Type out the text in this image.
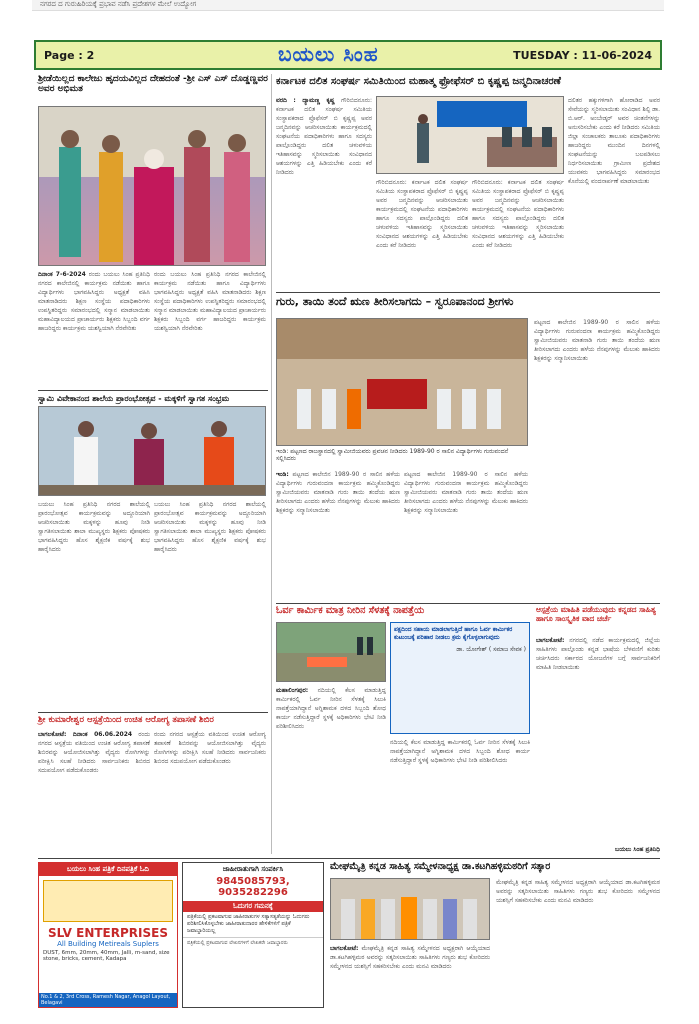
ನಗರದ ದ ಗುರುಹಿರಿಯಕ್ಕೆ ಪ್ರಭಾವ ನಡೆಸಿ ಪ್ರದೇಶಗಳ ಮೇಲೆ ಉದ್ಯೋಗ
Page : 2	ಬಯಲು ಸಿಂಹ	TUESDAY : 11-06-2024
ಶ್ರೀಡೆಯಿಲ್ಲದ ಕಾಲೇಜು ಹೃದಯವಿಲ್ಲದ ದೇಹದಂತೆ -ಶ್ರೀ ಎಸ್ ಎಸ್ ದೊಡ್ಡಣ್ಣವರ ಅವರ ಅಭಿಮತ
ದಿನಾಂಕ 7-6-2024 ರಂದು ಬಯಲು ಸಿಂಹ ಪ್ರತಿನಿಧಿ ನಗರದ ಕಾಲೇಜಿನಲ್ಲಿ ಕಾರ್ಯಕ್ರಮ ನಡೆಯಿತು ಹಾಗೂ ವಿದ್ಯಾರ್ಥಿಗಳು ಭಾಗವಹಿಸಿದ್ದರು ಅಧ್ಯಕ್ಷತೆ ವಹಿಸಿ ಮಾತನಾಡಿದರು ಶಿಕ್ಷಣ ಸಂಸ್ಥೆಯ ಪದಾಧಿಕಾರಿಗಳು ಉಪಸ್ಥಿತರಿದ್ದರು ಸಮಾರಂಭದಲ್ಲಿ ಸನ್ಮಾನ ಮಾಡಲಾಯಿತು ಮಹಾವಿದ್ಯಾಲಯದ ಪ್ರಾಚಾರ್ಯರು ಶಿಕ್ಷಕರು ಸಿಬ್ಬಂದಿ ವರ್ಗ ಹಾಜರಿದ್ದರು ಕಾರ್ಯಕ್ರಮ ಯಶಸ್ವಿಯಾಗಿ ನೆರವೇರಿತು
ರಂದು ಬಯಲು ಸಿಂಹ ಪ್ರತಿನಿಧಿ ನಗರದ ಕಾಲೇಜಿನಲ್ಲಿ ಕಾರ್ಯಕ್ರಮ ನಡೆಯಿತು ಹಾಗೂ ವಿದ್ಯಾರ್ಥಿಗಳು ಭಾಗವಹಿಸಿದ್ದರು ಅಧ್ಯಕ್ಷತೆ ವಹಿಸಿ ಮಾತನಾಡಿದರು ಶಿಕ್ಷಣ ಸಂಸ್ಥೆಯ ಪದಾಧಿಕಾರಿಗಳು ಉಪಸ್ಥಿತರಿದ್ದರು ಸಮಾರಂಭದಲ್ಲಿ ಸನ್ಮಾನ ಮಾಡಲಾಯಿತು ಮಹಾವಿದ್ಯಾಲಯದ ಪ್ರಾಚಾರ್ಯರು ಶಿಕ್ಷಕರು ಸಿಬ್ಬಂದಿ ವರ್ಗ ಹಾಜರಿದ್ದರು ಕಾರ್ಯಕ್ರಮ ಯಶಸ್ವಿಯಾಗಿ ನೆರವೇರಿತು
ಸ್ವಾಮಿ ವಿವೇಕಾನಂದ ಶಾಲೆಯ ಪ್ರಾರಂಭೋತ್ಸವ - ಮಕ್ಕಳಿಗೆ ಸ್ವಾಗತ ಸಂಭ್ರಮ
ಬಯಲು ಸಿಂಹ ಪ್ರತಿನಿಧಿ ನಗರದ ಶಾಲೆಯಲ್ಲಿ ಪ್ರಾರಂಭೋತ್ಸವ ಕಾರ್ಯಕ್ರಮವನ್ನು ಅದ್ದೂರಿಯಾಗಿ ಆಚರಿಸಲಾಯಿತು ಮಕ್ಕಳನ್ನು ಹೂವು ನೀಡಿ ಸ್ವಾಗತಿಸಲಾಯಿತು ಶಾಲಾ ಮುಖ್ಯಸ್ಥರು ಶಿಕ್ಷಕರು ಪೋಷಕರು ಭಾಗವಹಿಸಿದ್ದರು ಹೊಸ ಶೈಕ್ಷಣಿಕ ವರ್ಷಕ್ಕೆ ಶುಭ ಹಾರೈಸಿದರು
ಬಯಲು ಸಿಂಹ ಪ್ರತಿನಿಧಿ ನಗರದ ಶಾಲೆಯಲ್ಲಿ ಪ್ರಾರಂಭೋತ್ಸವ ಕಾರ್ಯಕ್ರಮವನ್ನು ಅದ್ದೂರಿಯಾಗಿ ಆಚರಿಸಲಾಯಿತು ಮಕ್ಕಳನ್ನು ಹೂವು ನೀಡಿ ಸ್ವಾಗತಿಸಲಾಯಿತು ಶಾಲಾ ಮುಖ್ಯಸ್ಥರು ಶಿಕ್ಷಕರು ಪೋಷಕರು ಭಾಗವಹಿಸಿದ್ದರು ಹೊಸ ಶೈಕ್ಷಣಿಕ ವರ್ಷಕ್ಕೆ ಶುಭ ಹಾರೈಸಿದರು
ಶ್ರೀ ಕುಮಾರೇಶ್ವರ ಆಸ್ಪತ್ರೆಯಿಂದ ಉಚಿತ ಆರೋಗ್ಯ ತಪಾಸಣೆ ಶಿಬಿರ
ಬಾಗಲಕೋಟೆ: ದಿನಾಂಕ 06.06.2024 ರಂದು ನಗರದ ಆಸ್ಪತ್ರೆಯ ವತಿಯಿಂದ ಉಚಿತ ಆರೋಗ್ಯ ತಪಾಸಣೆ ಶಿಬಿರವನ್ನು ಆಯೋಜಿಸಲಾಗಿತ್ತು ವೈದ್ಯರು ರೋಗಿಗಳನ್ನು ಪರೀಕ್ಷಿಸಿ ಸಲಹೆ ನೀಡಿದರು ಸಾರ್ವಜನಿಕರು ಶಿಬಿರದ ಸದುಪಯೋಗ ಪಡೆದುಕೊಂಡರು
ರಂದು ನಗರದ ಆಸ್ಪತ್ರೆಯ ವತಿಯಿಂದ ಉಚಿತ ಆರೋಗ್ಯ ತಪಾಸಣೆ ಶಿಬಿರವನ್ನು ಆಯೋಜಿಸಲಾಗಿತ್ತು ವೈದ್ಯರು ರೋಗಿಗಳನ್ನು ಪರೀಕ್ಷಿಸಿ ಸಲಹೆ ನೀಡಿದರು ಸಾರ್ವಜನಿಕರು ಶಿಬಿರದ ಸದುಪಯೋಗ ಪಡೆದುಕೊಂಡರು
ಕರ್ನಾಟಕ ದಲಿತ ಸಂಘರ್ಷ ಸಮಿತಿಯಿಂದ ಮಹಾತ್ಮ ಫ್ರೋಫೆಸರ್ ಬಿ ಕೃಷ್ಣಪ್ಪ ಜನ್ಮದಿನಾಚರಣೆ
ವರದಿ : ದ್ಯಾಮಣ್ಣ ಕೃಷ್ಣ ಗೌರಿಬಿದನೂರು: ಕರ್ನಾಟಕ ದಲಿತ ಸಂಘರ್ಷ ಸಮಿತಿಯ ಸಂಸ್ಥಾಪಕರಾದ ಪ್ರೊಫೆಸರ್ ಬಿ ಕೃಷ್ಣಪ್ಪ ಅವರ ಜನ್ಮದಿನವನ್ನು ಆಚರಿಸಲಾಯಿತು ಕಾರ್ಯಕ್ರಮದಲ್ಲಿ ಸಂಘಟನೆಯ ಪದಾಧಿಕಾರಿಗಳು ಹಾಗೂ ಸದಸ್ಯರು ಪಾಲ್ಗೊಂಡಿದ್ದರು ದಲಿತ ಚಳುವಳಿಯ ಇತಿಹಾಸವನ್ನು ಸ್ಮರಿಸಲಾಯಿತು ಸಂವಿಧಾನದ ಆಶಯಗಳನ್ನು ಎತ್ತಿ ಹಿಡಿಯಬೇಕು ಎಂದು ಕರೆ ನೀಡಿದರು
ಗೌರಿಬಿದನೂರು: ಕರ್ನಾಟಕ ದಲಿತ ಸಂಘರ್ಷ ಸಮಿತಿಯ ಸಂಸ್ಥಾಪಕರಾದ ಪ್ರೊಫೆಸರ್ ಬಿ ಕೃಷ್ಣಪ್ಪ ಅವರ ಜನ್ಮದಿನವನ್ನು ಆಚರಿಸಲಾಯಿತು ಕಾರ್ಯಕ್ರಮದಲ್ಲಿ ಸಂಘಟನೆಯ ಪದಾಧಿಕಾರಿಗಳು ಹಾಗೂ ಸದಸ್ಯರು ಪಾಲ್ಗೊಂಡಿದ್ದರು ದಲಿತ ಚಳುವಳಿಯ ಇತಿಹಾಸವನ್ನು ಸ್ಮರಿಸಲಾಯಿತು ಸಂವಿಧಾನದ ಆಶಯಗಳನ್ನು ಎತ್ತಿ ಹಿಡಿಯಬೇಕು ಎಂದು ಕರೆ ನೀಡಿದರು
ಗೌರಿಬಿದನೂರು: ಕರ್ನಾಟಕ ದಲಿತ ಸಂಘರ್ಷ ಸಮಿತಿಯ ಸಂಸ್ಥಾಪಕರಾದ ಪ್ರೊಫೆಸರ್ ಬಿ ಕೃಷ್ಣಪ್ಪ ಅವರ ಜನ್ಮದಿನವನ್ನು ಆಚರಿಸಲಾಯಿತು ಕಾರ್ಯಕ್ರಮದಲ್ಲಿ ಸಂಘಟನೆಯ ಪದಾಧಿಕಾರಿಗಳು ಹಾಗೂ ಸದಸ್ಯರು ಪಾಲ್ಗೊಂಡಿದ್ದರು ದಲಿತ ಚಳುವಳಿಯ ಇತಿಹಾಸವನ್ನು ಸ್ಮರಿಸಲಾಯಿತು ಸಂವಿಧಾನದ ಆಶಯಗಳನ್ನು ಎತ್ತಿ ಹಿಡಿಯಬೇಕು ಎಂದು ಕರೆ ನೀಡಿದರು
ದಲಿತರ ಹಕ್ಕುಗಳಿಗಾಗಿ ಹೋರಾಡಿದ ಅವರ ಸೇವೆಯನ್ನು ಸ್ಮರಿಸಲಾಯಿತು ಸಂವಿಧಾನ ಶಿಲ್ಪಿ ಡಾ. ಬಿ.ಆರ್. ಅಂಬೇಡ್ಕರ್ ಅವರ ಚಿಂತನೆಗಳನ್ನು ಅನುಸರಿಸಬೇಕು ಎಂದು ಕರೆ ನೀಡಿದರು ಸಮಿತಿಯ ಜಿಲ್ಲಾ ಸಂಚಾಲಕರು ತಾಲೂಕು ಪದಾಧಿಕಾರಿಗಳು ಹಾಜರಿದ್ದರು ಮುಂದಿನ ದಿನಗಳಲ್ಲಿ ಸಂಘಟನೆಯನ್ನು ಬಲಪಡಿಸಲು ನಿರ್ಧರಿಸಲಾಯಿತು ಗ್ರಾಮೀಣ ಪ್ರದೇಶದ ಯುವಕರು ಭಾಗವಹಿಸಿದ್ದರು ಸಮಾರಂಭದ ಕೊನೆಯಲ್ಲಿ ವಂದನಾರ್ಪಣೆ ಮಾಡಲಾಯಿತು
ಗುರು, ತಾಯಿ ತಂದೆ ಋಣ ತೀರಿಸಲಾಗದು – ಸ್ವರೂಪಾನಂದ ಶ್ರೀಗಳು
ಇಂಡಿ: ಪಟ್ಟಣದ ರಾಜಸ್ಥಾನದಲ್ಲಿ ಸ್ವಾಮೀಜಿಯವರು ಪ್ರವಚನ ನೀಡಿದರು 1989-90 ರ ಸಾಲಿನ ವಿದ್ಯಾರ್ಥಿಗಳು ಗುರುವಂದನೆ ಸಲ್ಲಿಸಿದರು
ಇಂಡಿ: ಪಟ್ಟಣದ ಕಾಲೇಜಿನ 1989-90 ರ ಸಾಲಿನ ಹಳೆಯ ವಿದ್ಯಾರ್ಥಿಗಳು ಗುರುವಂದನಾ ಕಾರ್ಯಕ್ರಮ ಹಮ್ಮಿಕೊಂಡಿದ್ದರು ಸ್ವಾಮೀಜಿಯವರು ಮಾತನಾಡಿ ಗುರು ತಾಯಿ ತಂದೆಯ ಋಣ ತೀರಿಸಲಾಗದು ಎಂದರು ಹಳೆಯ ನೆನಪುಗಳನ್ನು ಮೆಲುಕು ಹಾಕಿದರು ಶಿಕ್ಷಕರನ್ನು ಸನ್ಮಾನಿಸಲಾಯಿತು
ಪಟ್ಟಣದ ಕಾಲೇಜಿನ 1989-90 ರ ಸಾಲಿನ ಹಳೆಯ ವಿದ್ಯಾರ್ಥಿಗಳು ಗುರುವಂದನಾ ಕಾರ್ಯಕ್ರಮ ಹಮ್ಮಿಕೊಂಡಿದ್ದರು ಸ್ವಾಮೀಜಿಯವರು ಮಾತನಾಡಿ ಗುರು ತಾಯಿ ತಂದೆಯ ಋಣ ತೀರಿಸಲಾಗದು ಎಂದರು ಹಳೆಯ ನೆನಪುಗಳನ್ನು ಮೆಲುಕು ಹಾಕಿದರು ಶಿಕ್ಷಕರನ್ನು ಸನ್ಮಾನಿಸಲಾಯಿತು
ಪಟ್ಟಣದ ಕಾಲೇಜಿನ 1989-90 ರ ಸಾಲಿನ ಹಳೆಯ ವಿದ್ಯಾರ್ಥಿಗಳು ಗುರುವಂದನಾ ಕಾರ್ಯಕ್ರಮ ಹಮ್ಮಿಕೊಂಡಿದ್ದರು ಸ್ವಾಮೀಜಿಯವರು ಮಾತನಾಡಿ ಗುರು ತಾಯಿ ತಂದೆಯ ಋಣ ತೀರಿಸಲಾಗದು ಎಂದರು ಹಳೆಯ ನೆನಪುಗಳನ್ನು ಮೆಲುಕು ಹಾಕಿದರು ಶಿಕ್ಷಕರನ್ನು ಸನ್ಮಾನಿಸಲಾಯಿತು
ಓರ್ವ ಕಾರ್ಮಿಕ ಮಾತ್ರ ನೀರಿನ ಸೆಳತಕ್ಕೆ ನಾಪತ್ತೆಯ
ಪಕ್ಷದಿಂದ ಸಹಾಯ ಮಾಡಲಾಗುತ್ತಿದೆ ಹಾಗೂ ಓರ್ವ ಕಾರ್ಮಿಕರ ಕುಟುಂಬಕ್ಕೆ ಪರಿಹಾರ ನೀಡಲು ಕ್ರಮ ಕೈಗೊಳ್ಳಲಾಗುವುದು
ಡಾ. ಯೋಗೇಶ್ ( ಸಮಾಜ ಸೇವಕ )
ಮಹಾಲಿಂಗಪುರ: ನದಿಯಲ್ಲಿ ಕೆಲಸ ಮಾಡುತ್ತಿದ್ದ ಕಾರ್ಮಿಕರಲ್ಲಿ ಓರ್ವ ನೀರಿನ ಸೆಳತಕ್ಕೆ ಸಿಲುಕಿ ನಾಪತ್ತೆಯಾಗಿದ್ದಾನೆ ಅಗ್ನಿಶಾಮಕ ದಳದ ಸಿಬ್ಬಂದಿ ಶೋಧ ಕಾರ್ಯ ನಡೆಸುತ್ತಿದ್ದಾರೆ ಸ್ಥಳಕ್ಕೆ ಅಧಿಕಾರಿಗಳು ಭೇಟಿ ನೀಡಿ ಪರಿಶೀಲಿಸಿದರು
ನದಿಯಲ್ಲಿ ಕೆಲಸ ಮಾಡುತ್ತಿದ್ದ ಕಾರ್ಮಿಕರಲ್ಲಿ ಓರ್ವ ನೀರಿನ ಸೆಳತಕ್ಕೆ ಸಿಲುಕಿ ನಾಪತ್ತೆಯಾಗಿದ್ದಾನೆ ಅಗ್ನಿಶಾಮಕ ದಳದ ಸಿಬ್ಬಂದಿ ಶೋಧ ಕಾರ್ಯ ನಡೆಸುತ್ತಿದ್ದಾರೆ ಸ್ಥಳಕ್ಕೆ ಅಧಿಕಾರಿಗಳು ಭೇಟಿ ನೀಡಿ ಪರಿಶೀಲಿಸಿದರು
ಆಸ್ಪತ್ರೆಯ ಮಾಹಿತಿ ಪಡೆಯುವುದು ಕನ್ನಡದ ಸಾಹಿತ್ಯ ಹಾಗೂ ಸಾಂಸ್ಕೃತಿಕ ವಾದ ಚರ್ಚೆ
ಬಾಗಲಕೋಟೆ: ನಗರದಲ್ಲಿ ನಡೆದ ಕಾರ್ಯಕ್ರಮದಲ್ಲಿ ಜಿಲ್ಲೆಯ ಸಾಹಿತಿಗಳು ಪಾಲ್ಗೊಂಡು ಕನ್ನಡ ಭಾಷೆಯ ಬೆಳವಣಿಗೆ ಕುರಿತು ಚರ್ಚಿಸಿದರು ಸರ್ಕಾರದ ಯೋಜನೆಗಳ ಬಗ್ಗೆ ಸಾರ್ವಜನಿಕರಿಗೆ ಮಾಹಿತಿ ನೀಡಲಾಯಿತು
ಬಯಲು ಸಿಂಹ ಪ್ರತಿನಿಧಿ
ಬಯಲು ಸಿಂಹ ಪತ್ರಿಕೆ ದಿನಪತ್ರಿಕೆ ಓದಿ
SLV ENTERPRISES
All Building Metireals Suplers
DUST, 6mm, 20mm, 40mm, Jalli, m-sand, size stone, bricks, cement, Kadapa
No.1 & 2, 3rd Cross, Ramesh Nagar, Anagol Layout, Belagavi
ಜಾಹೀರಾತುಗಾಗಿ ಸಂಪರ್ಕಿಸಿ
9845085793, 9035282296
ಓದುಗರ ಗಮನಕ್ಕೆ
ಪತ್ರಿಕೆಯಲ್ಲಿ ಪ್ರಕಟವಾಗುವ ಜಾಹೀರಾತುಗಳ ಸತ್ಯಾಸತ್ಯತೆಯನ್ನು ಓದುಗರು ಪರಿಶೀಲಿಸಿಕೊಳ್ಳಬೇಕು ಜಾಹೀರಾತುದಾರರ ಹೇಳಿಕೆಗಳಿಗೆ ಪತ್ರಿಕೆ ಜವಾಬ್ದಾರಿಯಲ್ಲ
ಪತ್ರಿಕೆಯಲ್ಲಿ ಪ್ರಕಟವಾಗುವ ಲೇಖನಗಳಿಗೆ ಲೇಖಕರೇ ಜವಾಬ್ದಾರರು
ಮೇಘಮೈತ್ರಿ ಕನ್ನಡ ಸಾಹಿತ್ಯ ಸಮ್ಮೇಳನಾಧ್ಯಕ್ಷ ಡಾ.ಕಟಗಿಹಳ್ಳಿಮಠರಿಗೆ ಸತ್ಕಾರ
ಬಾಗಲಕೋಟೆ: ಮೇಘಮೈತ್ರಿ ಕನ್ನಡ ಸಾಹಿತ್ಯ ಸಮ್ಮೇಳನದ ಅಧ್ಯಕ್ಷರಾಗಿ ಆಯ್ಕೆಯಾದ ಡಾ.ಕಟಗಿಹಳ್ಳಿಮಠ ಅವರನ್ನು ಸತ್ಕರಿಸಲಾಯಿತು ಸಾಹಿತಿಗಳು ಗಣ್ಯರು ಶುಭ ಕೋರಿದರು ಸಮ್ಮೇಳನದ ಯಶಸ್ಸಿಗೆ ಸಹಕರಿಸಬೇಕು ಎಂದು ಮನವಿ ಮಾಡಿದರು
ಮೇಘಮೈತ್ರಿ ಕನ್ನಡ ಸಾಹಿತ್ಯ ಸಮ್ಮೇಳನದ ಅಧ್ಯಕ್ಷರಾಗಿ ಆಯ್ಕೆಯಾದ ಡಾ.ಕಟಗಿಹಳ್ಳಿಮಠ ಅವರನ್ನು ಸತ್ಕರಿಸಲಾಯಿತು ಸಾಹಿತಿಗಳು ಗಣ್ಯರು ಶುಭ ಕೋರಿದರು ಸಮ್ಮೇಳನದ ಯಶಸ್ಸಿಗೆ ಸಹಕರಿಸಬೇಕು ಎಂದು ಮನವಿ ಮಾಡಿದರು
